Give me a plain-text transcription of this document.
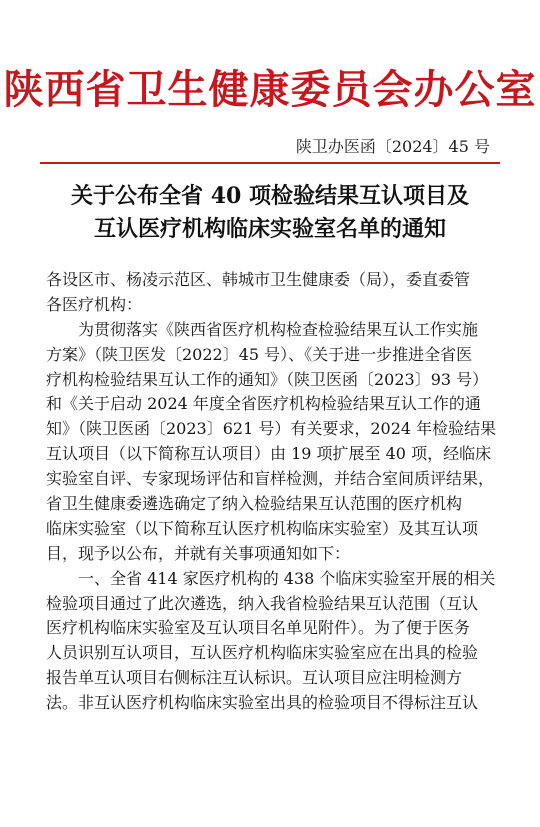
陕西省卫生健康委员会办公室
陕卫办医函〔2024〕45 号
关于公布全省 40 项检验结果互认项目及
互认医疗机构临床实验室名单的通知
各设区市、杨凌示范区、韩城市卫生健康委（局），委直委管
各医疗机构：
　　为贯彻落实《陕西省医疗机构检查检验结果互认工作实施
方案》（陕卫医发〔2022〕45 号）、《关于进一步推进全省医
疗机构检验结果互认工作的通知》（陕卫医函〔2023〕93 号）
和《关于启动 2024 年度全省医疗机构检验结果互认工作的通
知》（陕卫医函〔2023〕621 号）有关要求，2024 年检验结果
互认项目（以下简称互认项目）由 19 项扩展至 40 项，经临床
实验室自评、专家现场评估和盲样检测，并结合室间质评结果，
省卫生健康委遴选确定了纳入检验结果互认范围的医疗机构
临床实验室（以下简称互认医疗机构临床实验室）及其互认项
目，现予以公布，并就有关事项通知如下：
　　一、全省 414 家医疗机构的 438 个临床实验室开展的相关
检验项目通过了此次遴选，纳入我省检验结果互认范围（互认
医疗机构临床实验室及互认项目名单见附件）。为了便于医务
人员识别互认项目，互认医疗机构临床实验室应在出具的检验
报告单互认项目右侧标注互认标识。互认项目应注明检测方
法。非互认医疗机构临床实验室出具的检验项目不得标注互认
